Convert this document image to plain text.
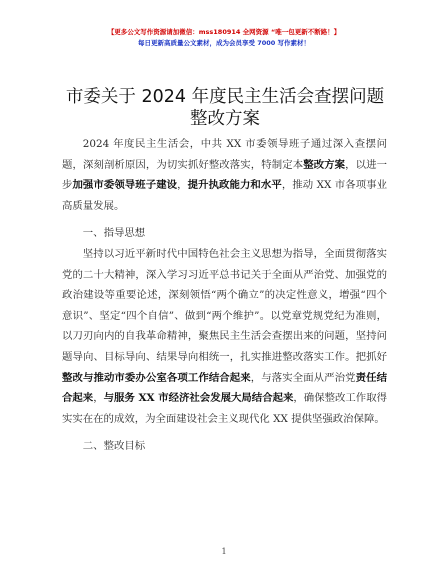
【更多公文写作资源请加微信：mss180914 全网资源 “唯一包更新不断路！】
每日更新高质量公文素材，成为会员享受 7000 写作素材！
市委关于 2024 年度民主生活会查摆问题整改方案

2024 年度民主生活会，中共 XX 市委领导班子通过深入查摆问题，深刻剖析原因，为切实抓好整改落实，特制定本整改方案，以进一步加强市委领导班子建设，提升执政能力和水平，推动 XX 市各项事业高质量发展。

一、指导思想

坚持以习近平新时代中国特色社会主义思想为指导，全面贯彻落实党的二十大精神，深入学习习近平总书记关于全面从严治党、加强党的政治建设等重要论述，深刻领悟“两个确立”的决定性意义，增强“四个意识”、坚定“四个自信”、做到“两个维护”。以党章党规党纪为准则，以刀刃向内的自我革命精神，聚焦民主生活会查摆出来的问题，坚持问题导向、目标导向、结果导向相统一，扎实推进整改落实工作。把抓好整改与推动市委办公室各项工作结合起来，与落实全面从严治党责任结合起来，与服务 XX 市经济社会发展大局结合起来，确保整改工作取得实实在在的成效，为全面建设社会主义现代化 XX 提供坚强政治保障。

二、整改目标

1
